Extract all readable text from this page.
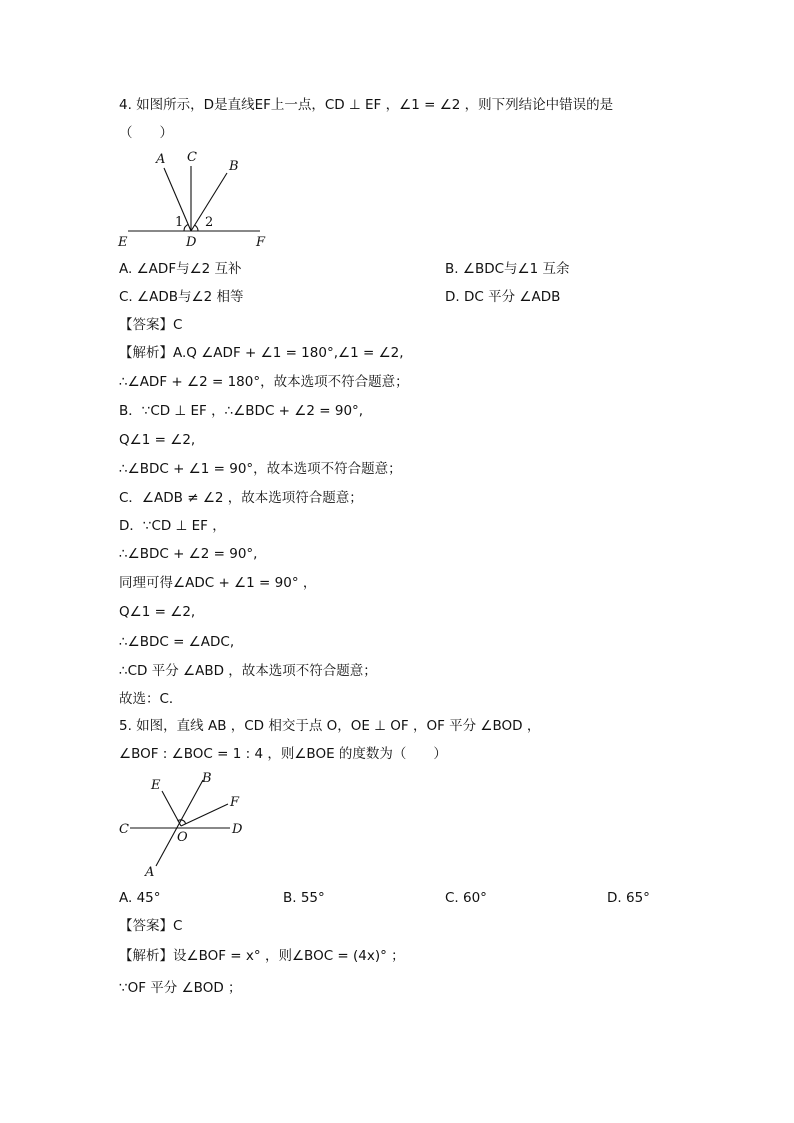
4. 如图所示，D是直线EF上一点，CD ⊥ EF ，∠1 = ∠2 ，则下列结论中错误的是
（　　）
A C
B
1 2
E	D	F
A. ∠ADF与∠2 互补	B. ∠BDC与∠1 互余
C. ∠ADB与∠2 相等	D. DC 平分 ∠ADB
【答案】C
【解析】A.Q ∠ADF + ∠1 = 180°,∠1 = ∠2,
∴∠ADF + ∠2 = 180°，故本选项不符合题意；
B．∵CD ⊥ EF ，∴∠BDC + ∠2 = 90°,
Q∠1 = ∠2,
∴∠BDC + ∠1 = 90°，故本选项不符合题意；
C．∠ADB ≠ ∠2 ，故本选项符合题意；
D．∵CD ⊥ EF ，
∴∠BDC + ∠2 = 90°,
同理可得∠ADC + ∠1 = 90° ，
Q∠1 = ∠2,
∴∠BDC = ∠ADC,
∴CD 平分 ∠ABD ，故本选项不符合题意；
故选：C．
5. 如图，直线 AB ，CD 相交于点 O，OE ⊥ OF ，OF 平分 ∠BOD ，
∠BOF : ∠BOC = 1 : 4 ，则∠BOE 的度数为（　　）
E	B
F
C
O
D
A
A. 45°	B. 55°	C. 60°	D. 65°
【答案】C
【解析】设∠BOF = x° ，则∠BOC = (4x)° ；
∵OF 平分 ∠BOD ；
